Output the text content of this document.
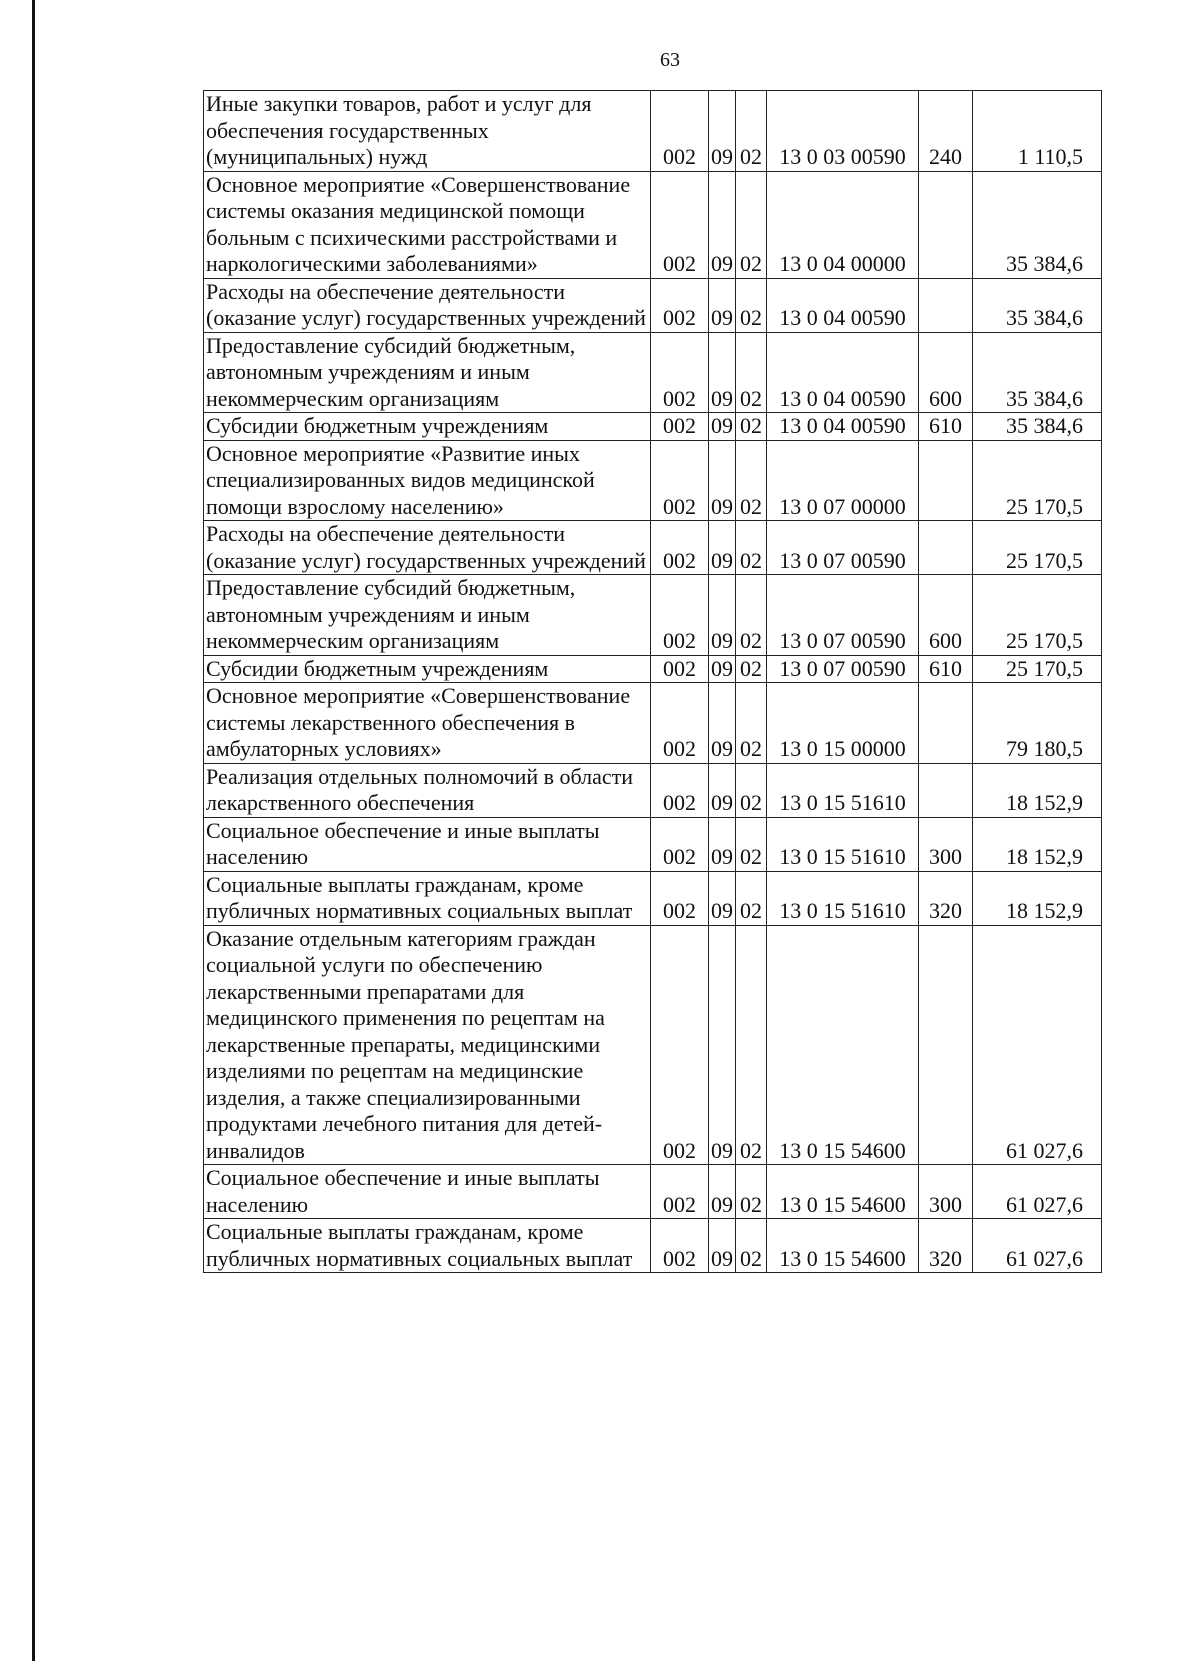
63
Иные закупки товаров, работ и услуг для обеспечения государственных (муниципальных) нужд	002	09	02	13 0 03 00590	240	1 110,5
Основное мероприятие «Совершенствование системы оказания медицинской помощи больным с психическими расстройствами и наркологическими заболеваниями»	002	09	02	13 0 04 00000		35 384,6
Расходы на обеспечение деятельности (оказание услуг) государственных учреждений	002	09	02	13 0 04 00590		35 384,6
Предоставление субсидий бюджетным, автономным учреждениям и иным некоммерческим организациям	002	09	02	13 0 04 00590	600	35 384,6
Субсидии бюджетным учреждениям	002	09	02	13 0 04 00590	610	35 384,6
Основное мероприятие «Развитие иных специализированных видов медицинской помощи взрослому населению»	002	09	02	13 0 07 00000		25 170,5
Расходы на обеспечение деятельности (оказание услуг) государственных учреждений	002	09	02	13 0 07 00590		25 170,5
Предоставление субсидий бюджетным, автономным учреждениям и иным некоммерческим организациям	002	09	02	13 0 07 00590	600	25 170,5
Субсидии бюджетным учреждениям	002	09	02	13 0 07 00590	610	25 170,5
Основное мероприятие «Совершенствование системы лекарственного обеспечения в амбулаторных условиях»	002	09	02	13 0 15 00000		79 180,5
Реализация отдельных полномочий в области лекарственного обеспечения	002	09	02	13 0 15 51610		18 152,9
Социальное обеспечение и иные выплаты населению	002	09	02	13 0 15 51610	300	18 152,9
Социальные выплаты гражданам, кроме публичных нормативных социальных выплат	002	09	02	13 0 15 51610	320	18 152,9
Оказание отдельным категориям граждан социальной услуги по обеспечению лекарственными препаратами для медицинского применения по рецептам на лекарственные препараты, медицинскими изделиями по рецептам на медицинские изделия, а также специализированными продуктами лечебного питания для детей-инвалидов	002	09	02	13 0 15 54600		61 027,6
Социальное обеспечение и иные выплаты населению	002	09	02	13 0 15 54600	300	61 027,6
Социальные выплаты гражданам, кроме публичных нормативных социальных выплат	002	09	02	13 0 15 54600	320	61 027,6
